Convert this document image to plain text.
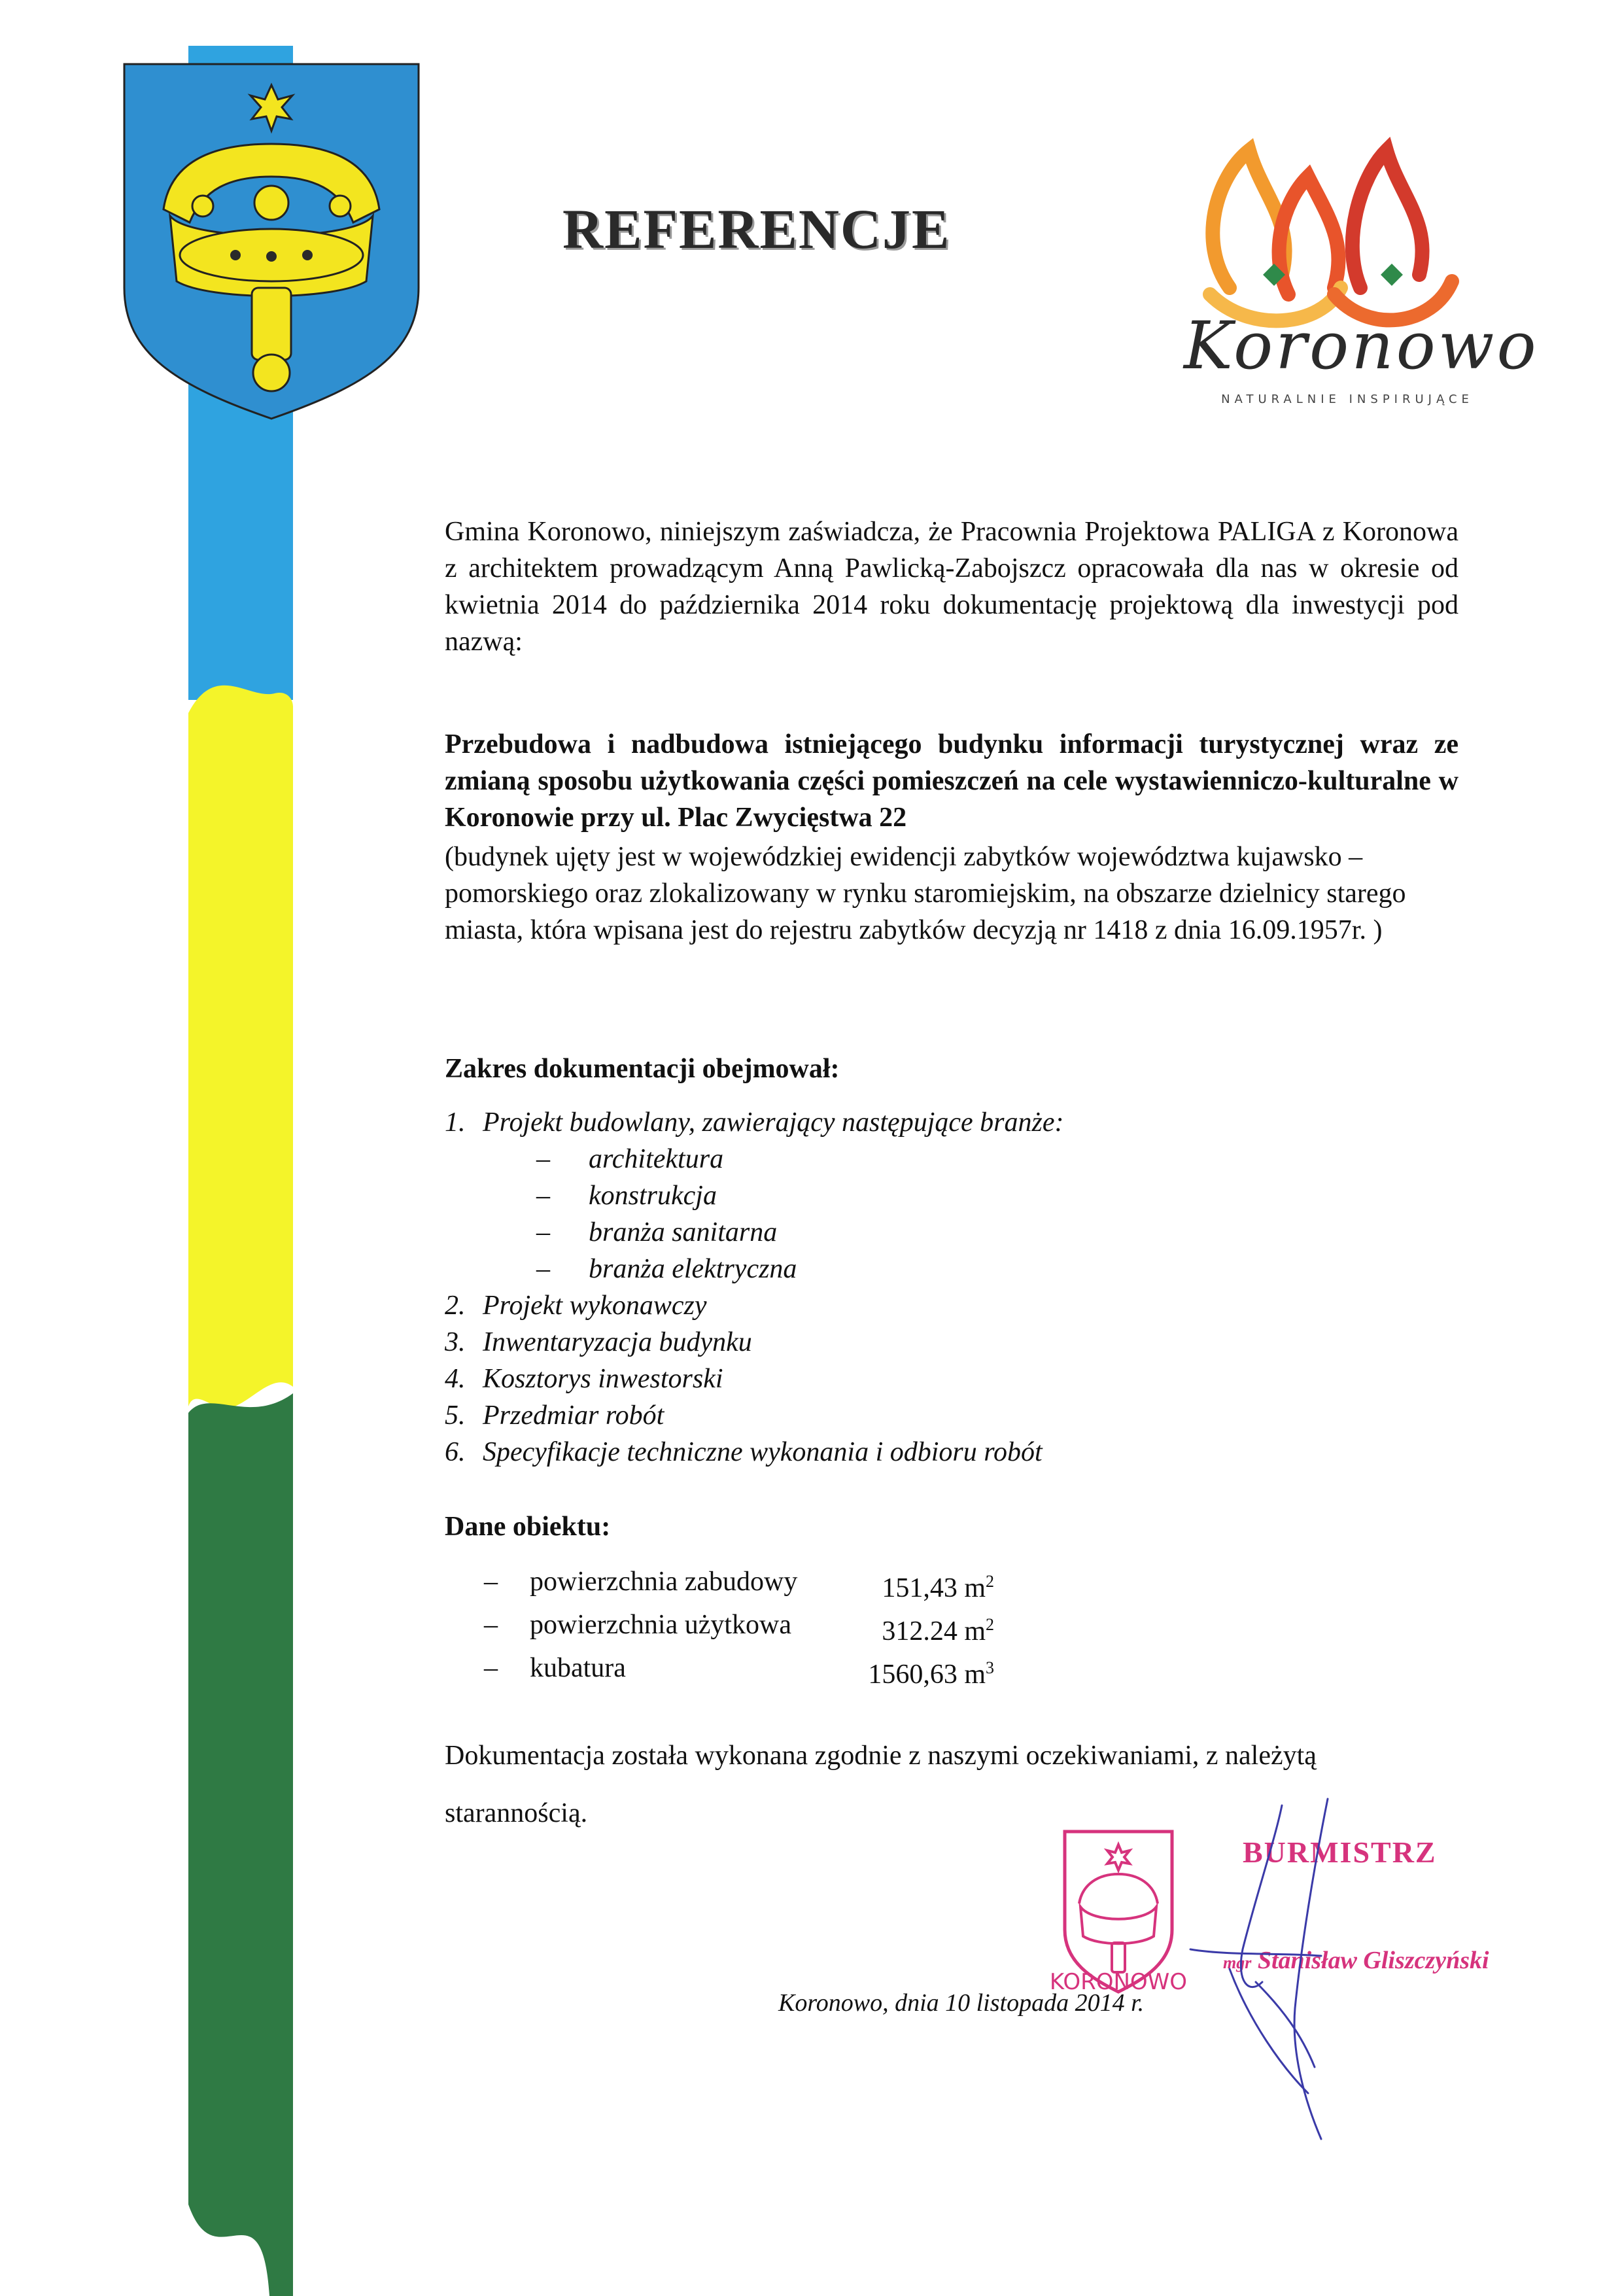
REFERENCJE
Koronowo
NATURALNIE INSPIRUJĄCE
Gmina Koronowo, niniejszym zaświadcza, że Pracownia Projektowa PALIGA z Koronowa z architektem prowadzącym Anną Pawlicką-Zabojszcz opracowała dla nas w okresie od kwietnia 2014 do października 2014 roku dokumentację projektową dla inwestycji pod nazwą:
Przebudowa i nadbudowa istniejącego budynku informacji turystycznej wraz ze zmianą sposobu użytkowania części pomieszczeń na cele wystawienniczo-kulturalne w Koronowie przy ul. Plac Zwycięstwa 22
(budynek ujęty jest w wojewódzkiej ewidencji zabytków województwa kujawsko – pomorskiego oraz zlokalizowany w rynku staromiejskim, na obszarze dzielnicy starego miasta, która wpisana jest do rejestru zabytków decyzją nr 1418 z dnia 16.09.1957r. )
Zakres dokumentacji obejmował:
1. Projekt budowlany, zawierający następujące branże:
–	architektura
–	konstrukcja
–	branża sanitarna
–	branża elektryczna
2. Projekt wykonawczy
3. Inwentaryzacja budynku
4. Kosztorys inwestorski
5. Przedmiar robót
6. Specyfikacje techniczne wykonania i odbioru robót
Dane obiektu:
–	powierzchnia zabudowy	151,43 $m^2$
–	powierzchnia użytkowa	312.24 $m^2$
–	kubatura	1560,63 $m^3$
Dokumentacja została wykonana zgodnie z naszymi oczekiwaniami, z należytą starannością.
KORONOWO
Koronowo, dnia 10 listopada 2014 r.
BURMISTRZ
mgr Stanisław Gliszczyński
